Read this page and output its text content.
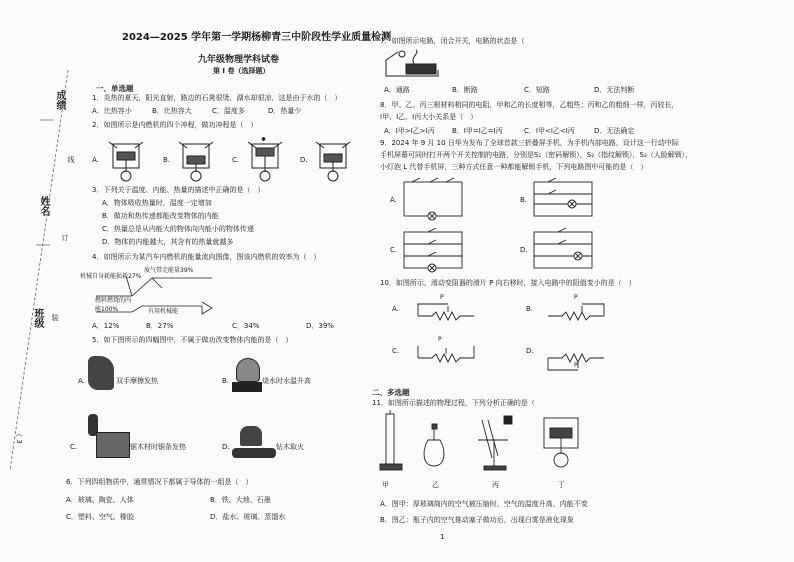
成绩
线
姓名
订
班级 装
（ 3
2024—2025 学年第一学期杨柳青三中阶段性学业质量检测
九年级物理学科试卷
第 I 卷（选择题）
一、单选题
1．炎热的夏天，阳光直射，路边的石凳很烫，湖水却很凉，这是由于水的（　）
A．比热容小	B．比热容大	C．温度多	D．热量少
2．如图所示是内燃机的四个冲程，做功冲程是（　）
A.	B.	C.	D.
*
3．下列关于温度、内能、热量的描述中正确的是（　）
A．物体吸收热量时，温度一定增加
B．做功和热传递都能改变物体的内能
C．热量总是从内能大的物体向内能小的物体传递
D．物体的内能越大，其含有的热量就越多
4．如图所示为某汽车内燃机的能量流向图像，图该内燃机的效率为（　）
机械自身耗能损耗27%
废气带走能量39%
燃料燃烧的内能100%	有用机械能
A．12%	B．27%	C．34%	D．39%
5．如下图所示的四幅图中，不属于做功改变物体内能的是（　）
A.	双手摩擦发热	B.	烧水时水温升高
C.	锯木材时锯条发热	D.	钻木取火
6．下列四组物质中，通常情况下都属于导体的一组是（　）
A．玻璃、陶瓷、人体	B．铁、大地、石墨
C．塑料、空气、橡胶	D．盐水、玻璃、蒸馏水
7．如图所示电路，闭合开关，电路的状态是（
A．通路	B．断路	C．短路	D．无法判断
8．甲、乙、丙三根材料相同的电阻，甲和乙的长度相等，乙粗些；丙和乙的粗细一样，丙较长，
I甲、I乙、I丙大小关系是（　）
A．I甲>I乙>I丙 B．I甲=I乙=I丙	C．I甲<I乙<I丙	D．无法确定
9．2024 年 9 月 10 日华为发布了全球首款三折叠屏手机，为手机内部电路，设计这一行动中际
手机屏幕可同时打开两个开关控制的电路，分别是S₁（密码解锁），S₂（指纹解锁），S₃（人脸解锁），
小灯泡 L 代替手机屏，三种方式任意一种都能解锁手机，下列电路图中可能的是（　）
A.	B.
C.	D.
10．如图所示，滑动变阻器的滑片 P 向右移时，接入电路中的阻值变小的是（　）
A.	B.
C.	D.
P	P
P
P
二、多选题
11．如图所示描述的物理过程，下列分析正确的是（
甲	乙	丙	丁
A．图甲：厚玻璃筒内的空气被压缩时，空气的温度升高，内能不变
B．图乙：瓶子内的空气推动塞子做功后，出现白雾是液化现象
1
